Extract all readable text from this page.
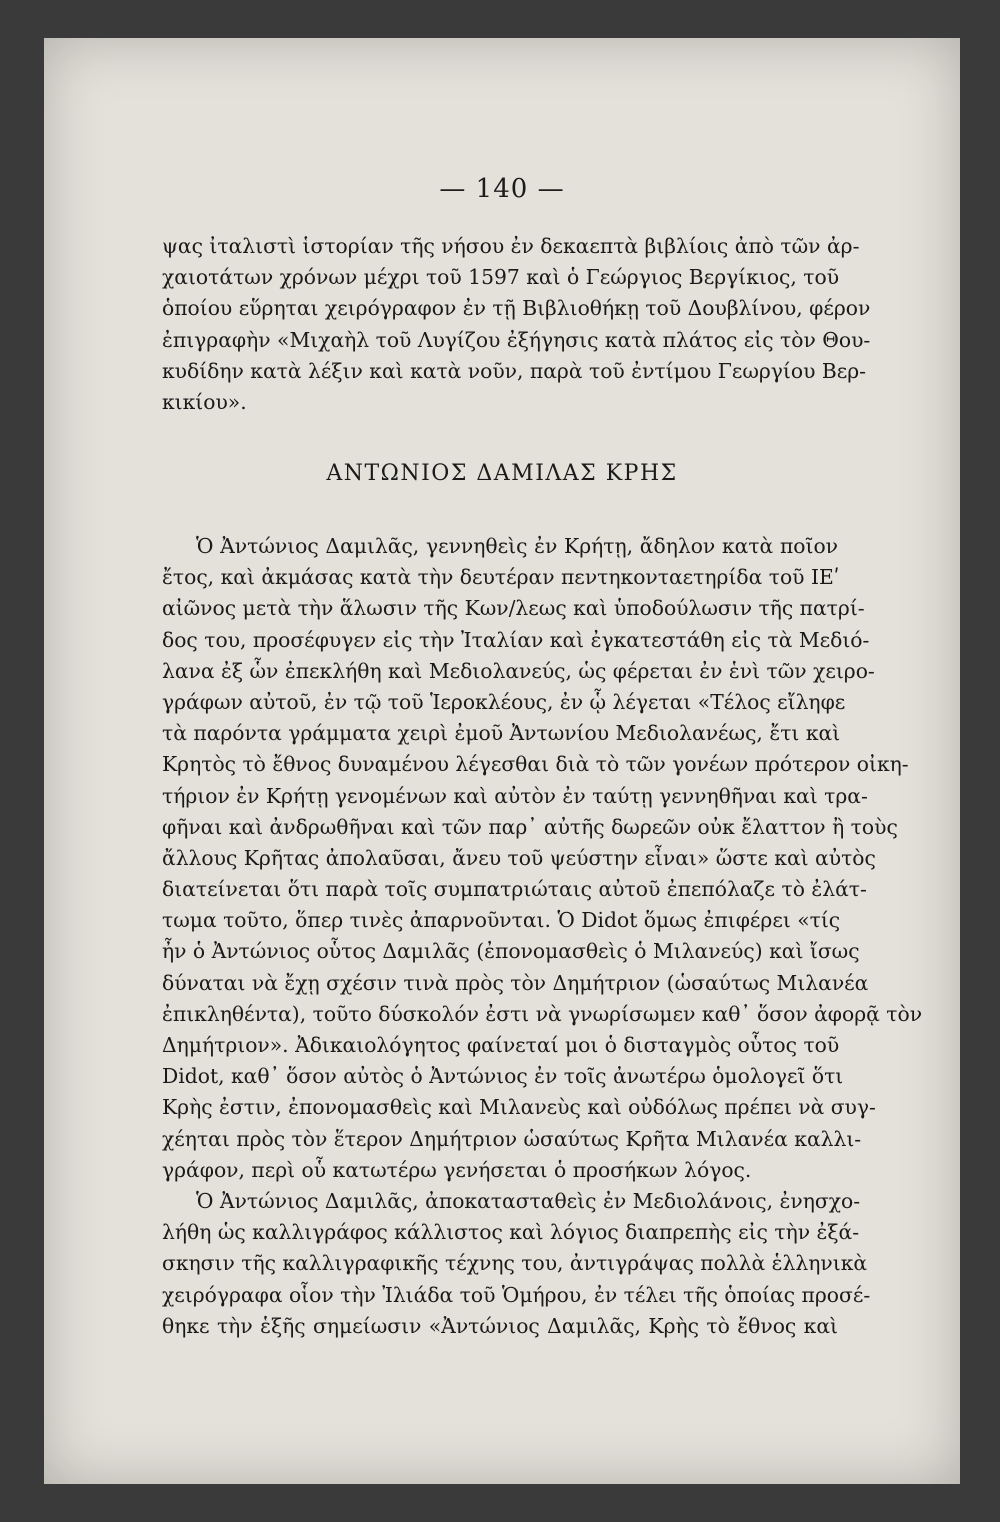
— 140 —
ψας ἰταλιστὶ ἱστορίαν τῆς νήσου ἐν δεκαεπτὰ βιβλίοις ἀπὸ τῶν ἀρ-
χαιοτάτων χρόνων μέχρι τοῦ 1597 καὶ ὁ Γεώργιος Βεργίκιος, τοῦ
ὁποίου εὕρηται χειρόγραφον ἐν τῇ Βιβλιοθήκῃ τοῦ Δουβλίνου, φέρον
ἐπιγραφὴν «Μιχαὴλ τοῦ Λυγίζου ἐξήγησις κατὰ πλάτος εἰς τὸν Θου-
κυδίδην κατὰ λέξιν καὶ κατὰ νοῦν, παρὰ τοῦ ἐντίμου Γεωργίου Βερ-
κικίου».
ΑΝΤΩΝΙΟΣ ΔΑΜΙΛΑΣ ΚΡΗΣ
Ὁ Ἀντώνιος Δαμιλᾶς, γεννηθεὶς ἐν Κρήτῃ, ἄδηλον κατὰ ποῖον
ἔτος, καὶ ἀκμάσας κατὰ τὴν δευτέραν πεντηκονταετηρίδα τοῦ ΙΕʹ
αἰῶνος μετὰ τὴν ἅλωσιν τῆς Κων/λεως καὶ ὑποδούλωσιν τῆς πατρί-
δος του, προσέφυγεν εἰς τὴν Ἰταλίαν καὶ ἐγκατεστάθη εἰς τὰ Μεδιό-
λανα ἐξ ὧν ἐπεκλήθη καὶ Μεδιολανεύς, ὡς φέρεται ἐν ἑνὶ τῶν χειρο-
γράφων αὐτοῦ, ἐν τῷ τοῦ Ἱεροκλέους, ἐν ᾧ λέγεται «Τέλος εἴληφε
τὰ παρόντα γράμματα χειρὶ ἐμοῦ Ἀντωνίου Μεδιολανέως, ἔτι καὶ
Κρητὸς τὸ ἔθνος δυναμένου λέγεσθαι διὰ τὸ τῶν γονέων πρότερον οἰκη-
τήριον ἐν Κρήτῃ γενομένων καὶ αὐτὸν ἐν ταύτῃ γεννηθῆναι καὶ τρα-
φῆναι καὶ ἀνδρωθῆναι καὶ τῶν παρ᾽ αὐτῆς δωρεῶν οὐκ ἔλαττον ἢ τοὺς
ἄλλους Κρῆτας ἀπολαῦσαι, ἄνευ τοῦ ψεύστην εἶναι» ὥστε καὶ αὐτὸς
διατείνεται ὅτι παρὰ τοῖς συμπατριώταις αὐτοῦ ἐπεπόλαζε τὸ ἐλάτ-
τωμα τοῦτο, ὅπερ τινὲς ἀπαρνοῦνται. Ὁ Didot ὅμως ἐπιφέρει «τίς
ἦν ὁ Ἀντώνιος οὗτος Δαμιλᾶς (ἐπονομασθεὶς ὁ Μιλανεύς) καὶ ἴσως
δύναται νὰ ἔχῃ σχέσιν τινὰ πρὸς τὸν Δημήτριον (ὡσαύτως Μιλανέα
ἐπικληθέντα), τοῦτο δύσκολόν ἐστι νὰ γνωρίσωμεν καθ᾽ ὅσον ἀφορᾷ τὸν
Δημήτριον». Ἀδικαιολόγητος φαίνεταί μοι ὁ δισταγμὸς οὗτος τοῦ
Didot, καθ᾽ ὅσον αὐτὸς ὁ Ἀντώνιος ἐν τοῖς ἀνωτέρω ὁμολογεῖ ὅτι
Κρὴς ἐστιν, ἐπονομασθεὶς καὶ Μιλανεὺς καὶ οὐδόλως πρέπει νὰ συγ-
χέηται πρὸς τὸν ἕτερον Δημήτριον ὡσαύτως Κρῆτα Μιλανέα καλλι-
γράφον, περὶ οὗ κατωτέρω γενήσεται ὁ προσήκων λόγος.
Ὁ Ἀντώνιος Δαμιλᾶς, ἀποκατασταθεὶς ἐν Μεδιολάνοις, ἐνησχο-
λήθη ὡς καλλιγράφος κάλλιστος καὶ λόγιος διαπρεπὴς εἰς τὴν ἐξά-
σκησιν τῆς καλλιγραφικῆς τέχνης του, ἀντιγράψας πολλὰ ἑλληνικὰ
χειρόγραφα οἷον τὴν Ἰλιάδα τοῦ Ὁμήρου, ἐν τέλει τῆς ὁποίας προσέ-
θηκε τὴν ἑξῆς σημείωσιν «Ἀντώνιος Δαμιλᾶς, Κρὴς τὸ ἔθνος καὶ
